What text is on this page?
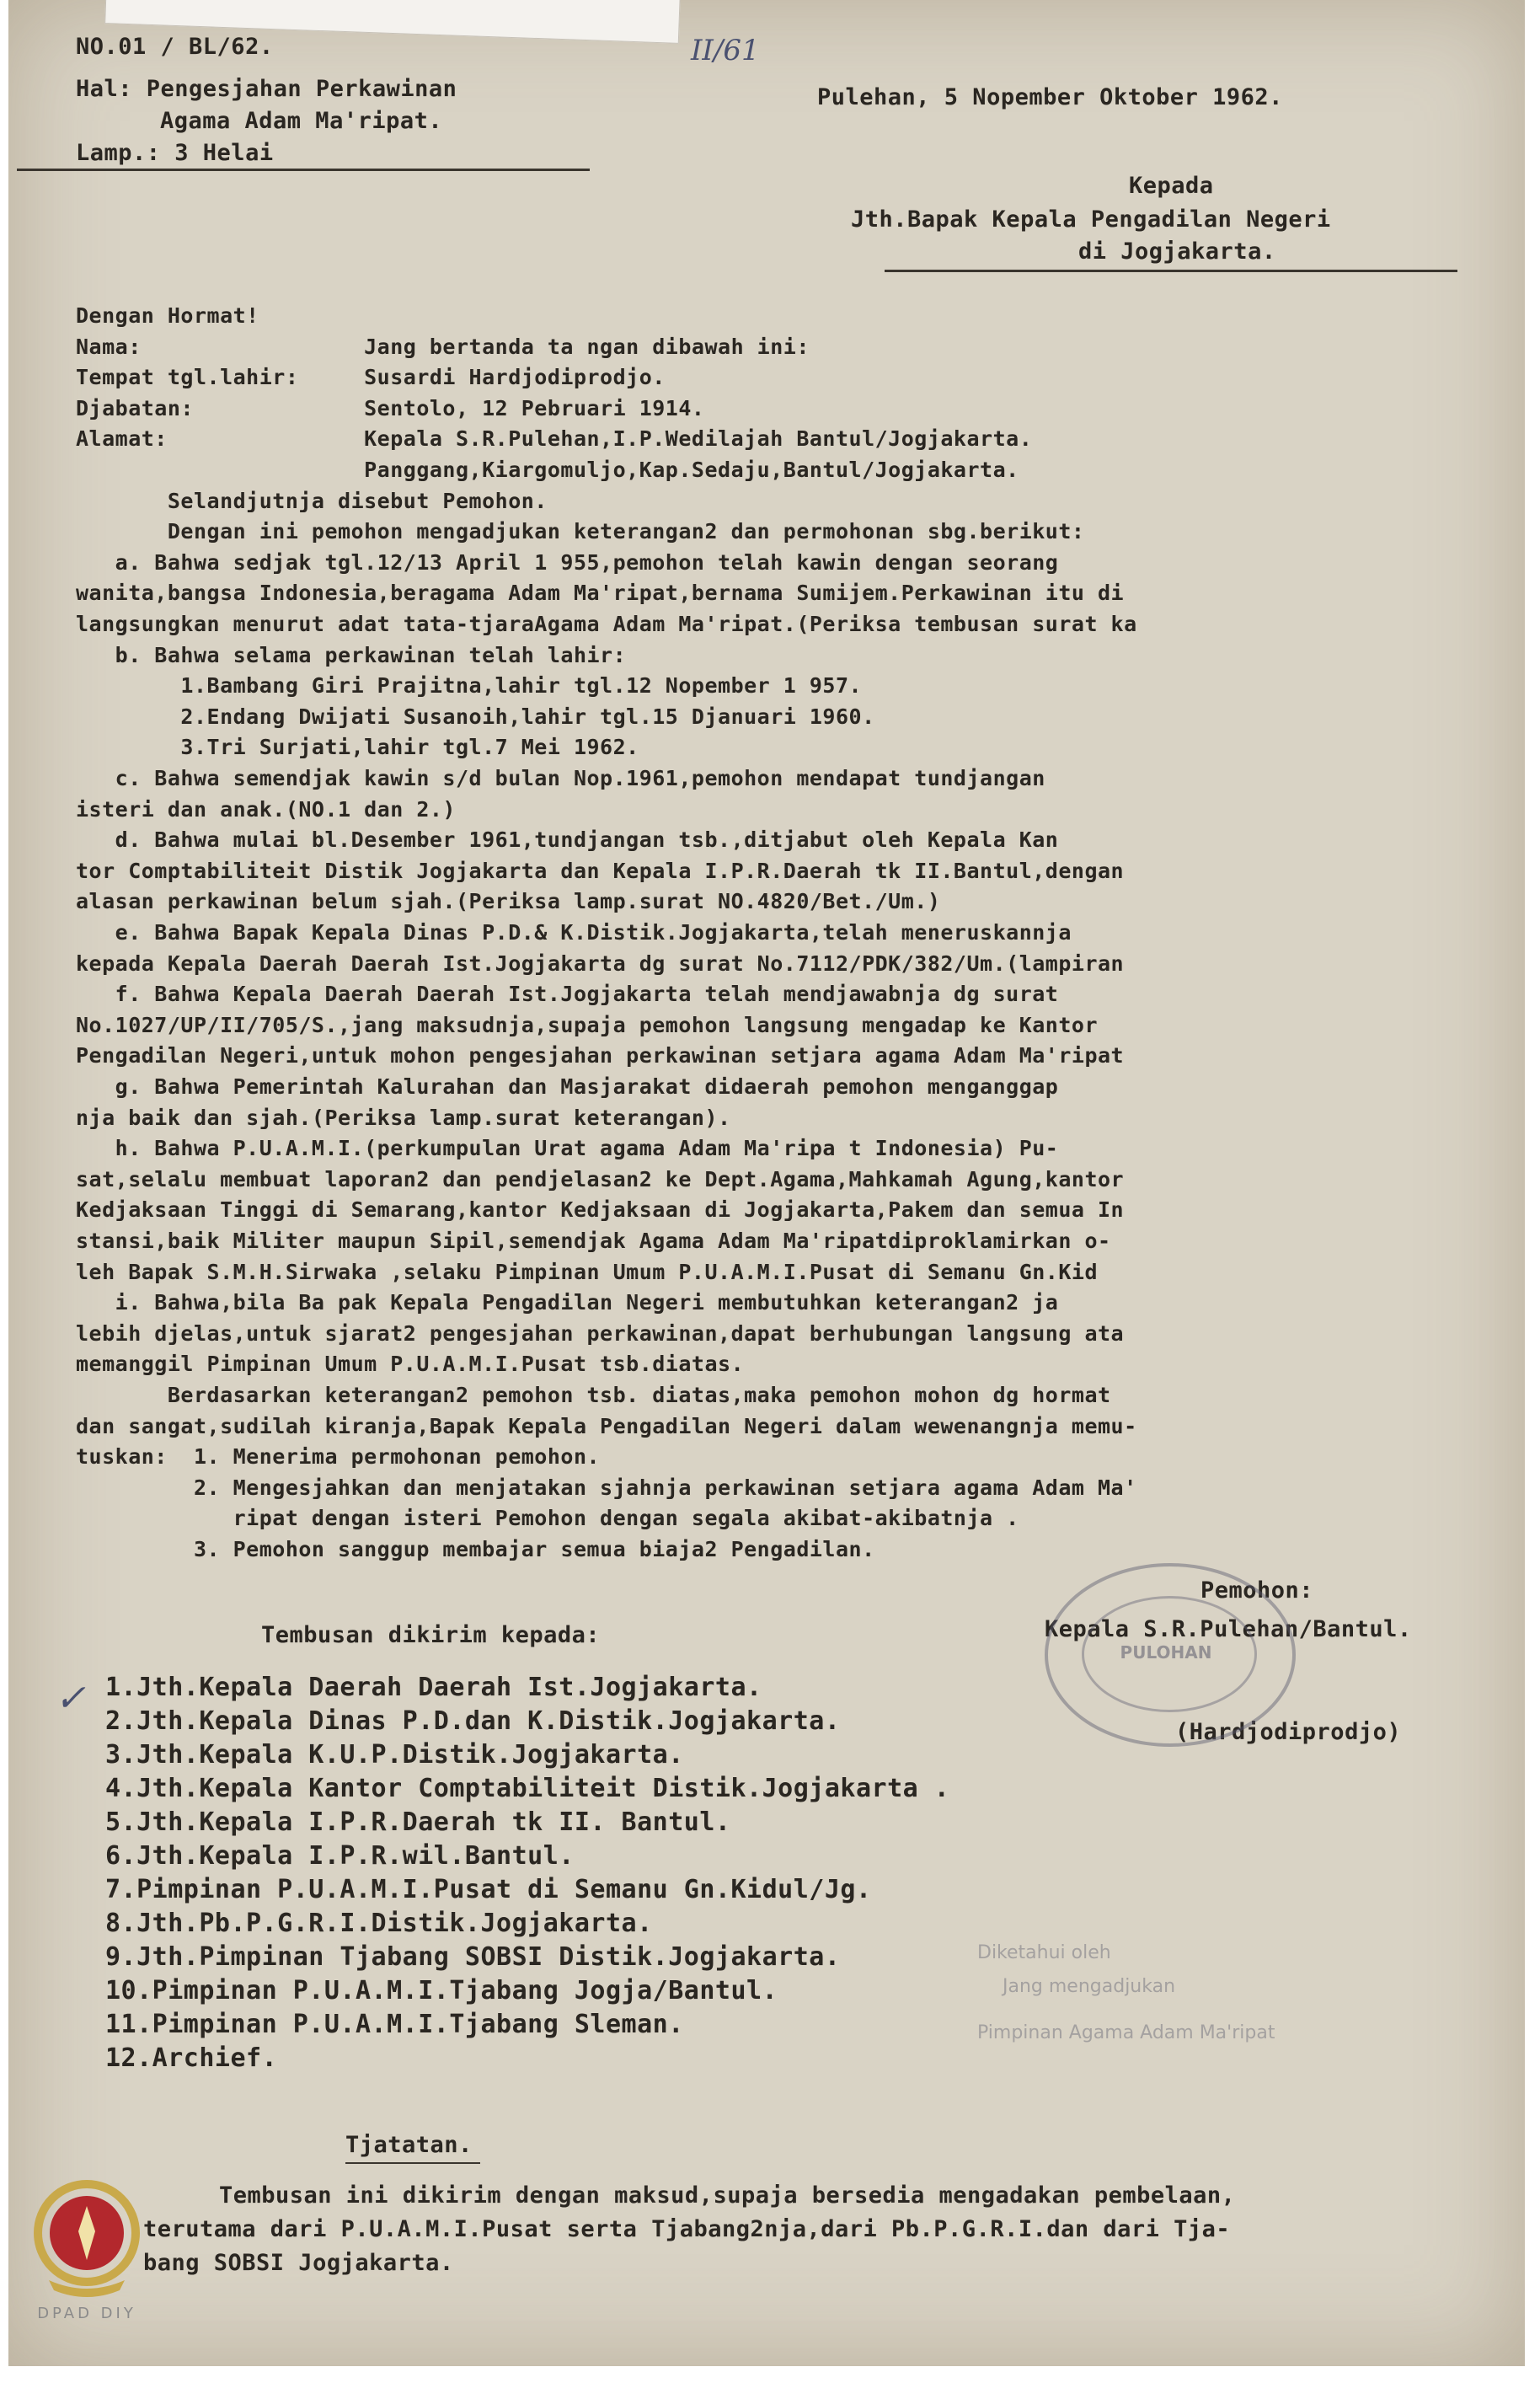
NO.01 / BL/62.
Hal: Pengesjahan Perkawinan
Agama Adam Ma'ripat.
Lamp.: 3 Helai
II/61
Pulehan, 5 Nopember Oktober 1962.
Kepada
Jth.Bapak Kepala Pengadilan Negeri
di Jogjakarta.
Dengan Hormat!
Nama:                 Jang bertanda ta ngan dibawah ini:
Tempat tgl.lahir:     Susardi Hardjodiprodjo.
Djabatan:             Sentolo, 12 Pebruari 1914.
Alamat:               Kepala S.R.Pulehan,I.P.Wedilajah Bantul/Jogjakarta.
Panggang,Kiargomuljo,Kap.Sedaju,Bantul/Jogjakarta.
Selandjutnja disebut Pemohon.
Dengan ini pemohon mengadjukan keterangan2 dan permohonan sbg.berikut:
a. Bahwa sedjak tgl.12/13 April 1 955,pemohon telah kawin dengan seorang
wanita,bangsa Indonesia,beragama Adam Ma'ripat,bernama Sumijem.Perkawinan itu di
langsungkan menurut adat tata-tjaraAgama Adam Ma'ripat.(Periksa tembusan surat ka
b. Bahwa selama perkawinan telah lahir:
1.Bambang Giri Prajitna,lahir tgl.12 Nopember 1 957.
2.Endang Dwijati Susanoih,lahir tgl.15 Djanuari 1960.
3.Tri Surjati,lahir tgl.7 Mei 1962.
c. Bahwa semendjak kawin s/d bulan Nop.1961,pemohon mendapat tundjangan
isteri dan anak.(NO.1 dan 2.)
d. Bahwa mulai bl.Desember 1961,tundjangan tsb.,ditjabut oleh Kepala Kan
tor Comptabiliteit Distik Jogjakarta dan Kepala I.P.R.Daerah tk II.Bantul,dengan
alasan perkawinan belum sjah.(Periksa lamp.surat NO.4820/Bet./Um.)
e. Bahwa Bapak Kepala Dinas P.D.& K.Distik.Jogjakarta,telah meneruskannja
kepada Kepala Daerah Daerah Ist.Jogjakarta dg surat No.7112/PDK/382/Um.(lampiran
f. Bahwa Kepala Daerah Daerah Ist.Jogjakarta telah mendjawabnja dg surat
No.1027/UP/II/705/S.,jang maksudnja,supaja pemohon langsung mengadap ke Kantor
Pengadilan Negeri,untuk mohon pengesjahan perkawinan setjara agama Adam Ma'ripat
g. Bahwa Pemerintah Kalurahan dan Masjarakat didaerah pemohon menganggap
nja baik dan sjah.(Periksa lamp.surat keterangan).
h. Bahwa P.U.A.M.I.(perkumpulan Urat agama Adam Ma'ripa t Indonesia) Pu-
sat,selalu membuat laporan2 dan pendjelasan2 ke Dept.Agama,Mahkamah Agung,kantor
Kedjaksaan Tinggi di Semarang,kantor Kedjaksaan di Jogjakarta,Pakem dan semua In
stansi,baik Militer maupun Sipil,semendjak Agama Adam Ma'ripatdiproklamirkan o-
leh Bapak S.M.H.Sirwaka ,selaku Pimpinan Umum P.U.A.M.I.Pusat di Semanu Gn.Kid
i. Bahwa,bila Ba pak Kepala Pengadilan Negeri membutuhkan keterangan2 ja
lebih djelas,untuk sjarat2 pengesjahan perkawinan,dapat berhubungan langsung ata
memanggil Pimpinan Umum P.U.A.M.I.Pusat tsb.diatas.
Berdasarkan keterangan2 pemohon tsb. diatas,maka pemohon mohon dg hormat
dan sangat,sudilah kiranja,Bapak Kepala Pengadilan Negeri dalam wewenangnja memu-
tuskan:  1. Menerima permohonan pemohon.
2. Mengesjahkan dan menjatakan sjahnja perkawinan setjara agama Adam Ma'
ripat dengan isteri Pemohon dengan segala akibat-akibatnja .
3. Pemohon sanggup membajar semua biaja2 Pengadilan.
Pemohon:
Kepala S.R.Pulehan/Bantul.
(Hardjodiprodjo)
PULOHAN
Tembusan dikirim kepada:
✓ 1.Jth.Kepala Daerah Daerah Ist.Jogjakarta.
2.Jth.Kepala Dinas P.D.dan K.Distik.Jogjakarta.
3.Jth.Kepala K.U.P.Distik.Jogjakarta.
4.Jth.Kepala Kantor Comptabiliteit Distik.Jogjakarta .
5.Jth.Kepala I.P.R.Daerah tk II. Bantul.
6.Jth.Kepala I.P.R.wil.Bantul.
7.Pimpinan P.U.A.M.I.Pusat di Semanu Gn.Kidul/Jg.
8.Jth.Pb.P.G.R.I.Distik.Jogjakarta.
9.Jth.Pimpinan Tjabang SOBSI Distik.Jogjakarta.
10.Pimpinan P.U.A.M.I.Tjabang Jogja/Bantul.
11.Pimpinan P.U.A.M.I.Tjabang Sleman.
12.Archief.
Diketahui oleh
Jang mengadjukan
Pimpinan Agama Adam Ma'ripat
Tjatatan.
Tembusan ini dikirim dengan maksud,supaja bersedia mengadakan pembelaan,
terutama dari P.U.A.M.I.Pusat serta Tjabang2nja,dari Pb.P.G.R.I.dan dari Tja-
bang SOBSI Jogjakarta.
DPAD DIY
